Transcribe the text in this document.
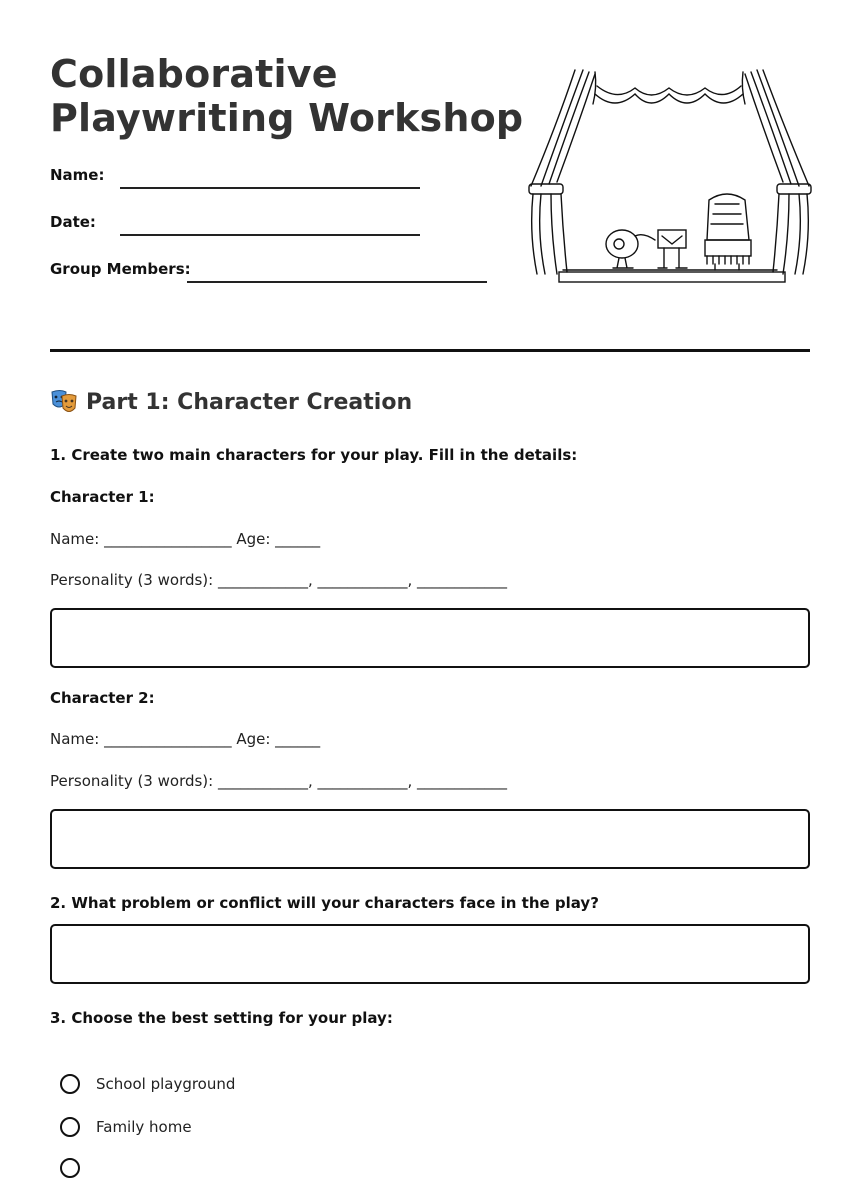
Collaborative
Playwriting Workshop
Name:
Date:
Group Members:
Part 1: Character Creation
1. Create two main characters for your play. Fill in the details:
Character 1:
Name: _________________ Age: ______
Personality (3 words): ____________, ____________, ____________
Character 2:
Name: _________________ Age: ______
Personality (3 words): ____________, ____________, ____________
2. What problem or conflict will your characters face in the play?
3. Choose the best setting for your play:
School playground
Family home
